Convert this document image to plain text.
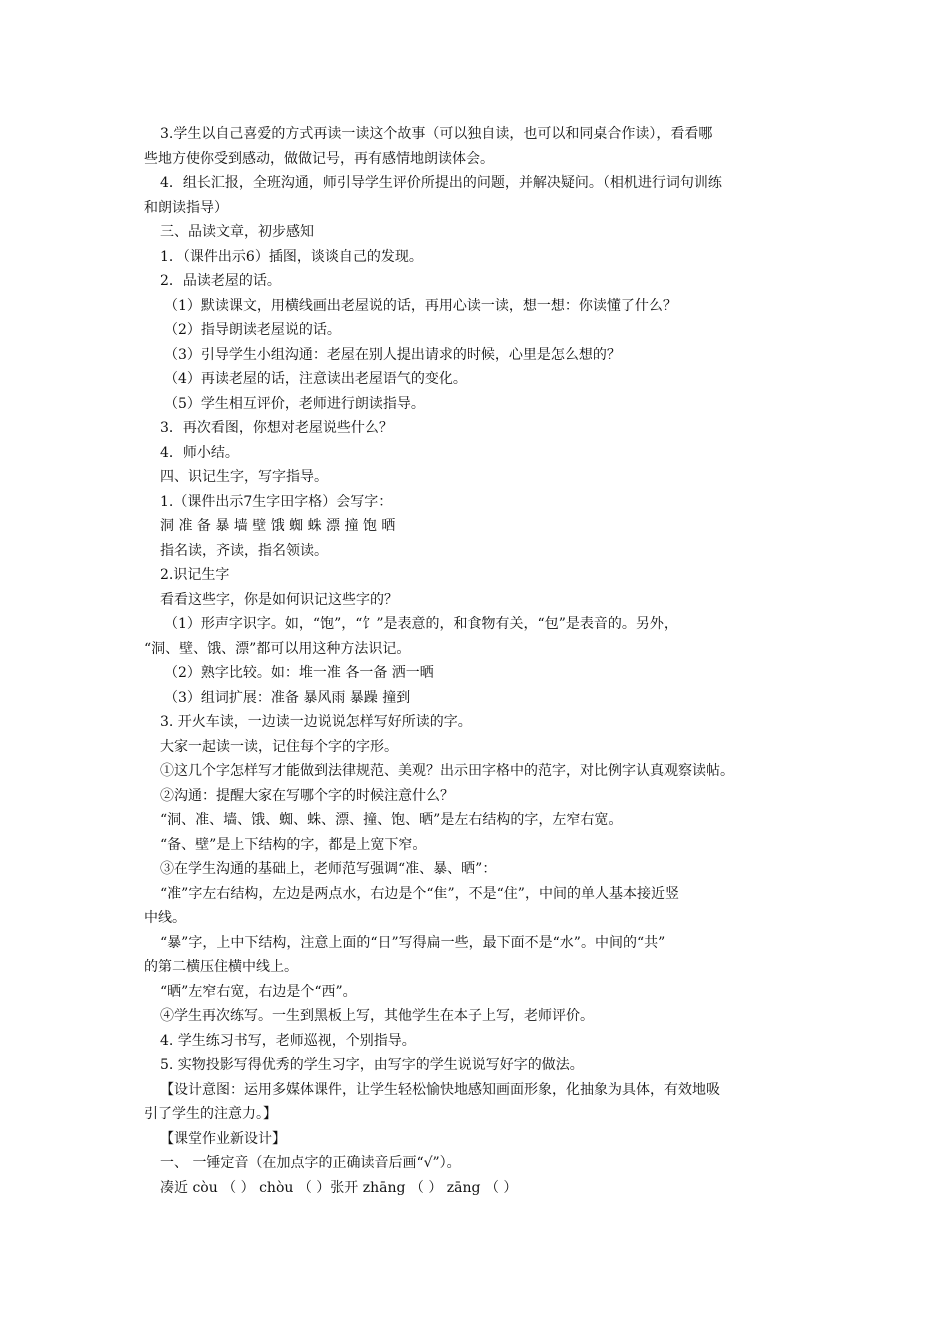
3.学生以自己喜爱的方式再读一读这个故事（可以独自读，也可以和同桌合作读），看看哪
些地方使你受到感动，做做记号，再有感情地朗读体会。
4．组长汇报，全班沟通，师引导学生评价所提出的问题，并解决疑问。（相机进行词句训练
和朗读指导）
三、品读文章，初步感知
1．（课件出示6）插图，谈谈自己的发现。
2．品读老屋的话。
（1）默读课文，用横线画出老屋说的话，再用心读一读，想一想：你读懂了什么？
（2）指导朗读老屋说的话。
（3）引导学生小组沟通：老屋在别人提出请求的时候，心里是怎么想的？
（4）再读老屋的话，注意读出老屋语气的变化。
（5）学生相互评价，老师进行朗读指导。
3．再次看图，你想对老屋说些什么？
4．师小结。
四、识记生字，写字指导。
1.（课件出示7生字田字格）会写字：
洞 准 备 暴 墙 壁 饿 蜘 蛛 漂 撞 饱 晒
指名读，齐读，指名领读。
2.识记生字
看看这些字，你是如何识记这些字的？
（1）形声字识字。如，“饱”，“饣”是表意的，和食物有关，“包”是表音的。另外，
“洞、壁、饿、漂”都可以用这种方法识记。
（2）熟字比较。如：堆一准 各一备 洒一晒
（3）组词扩展：准备 暴风雨 暴躁 撞到
3. 开火车读，一边读一边说说怎样写好所读的字。
大家一起读一读，记住每个字的字形。
①这几个字怎样写才能做到法律规范、美观？出示田字格中的范字，对比例字认真观察读帖。
②沟通：提醒大家在写哪个字的时候注意什么？
“洞、准、墙、饿、蜘、蛛、漂、撞、饱、晒”是左右结构的字，左窄右宽。
“备、壁”是上下结构的字，都是上宽下窄。
③在学生沟通的基础上，老师范写强调“准、暴、晒”：
“准”字左右结构，左边是两点水，右边是个“隹”，不是“住”，中间的单人基本接近竖
中线。
“暴”字，上中下结构，注意上面的“日”写得扁一些，最下面不是“水”。中间的“共”
的第二横压住横中线上。
“晒”左窄右宽，右边是个“西”。
④学生再次练写。一生到黑板上写，其他学生在本子上写，老师评价。
4. 学生练习书写，老师巡视，个别指导。
5. 实物投影写得优秀的学生习字，由写字的学生说说写好字的做法。
【设计意图：运用多媒体课件，让学生轻松愉快地感知画面形象，化抽象为具体，有效地吸
引了学生的注意力。】
【课堂作业新设计】
一、 一锤定音（在加点字的正确读音后画“√”）。
凑近 còu （ ） chòu （ ）张开 zhāng （ ） zāng （ ）
